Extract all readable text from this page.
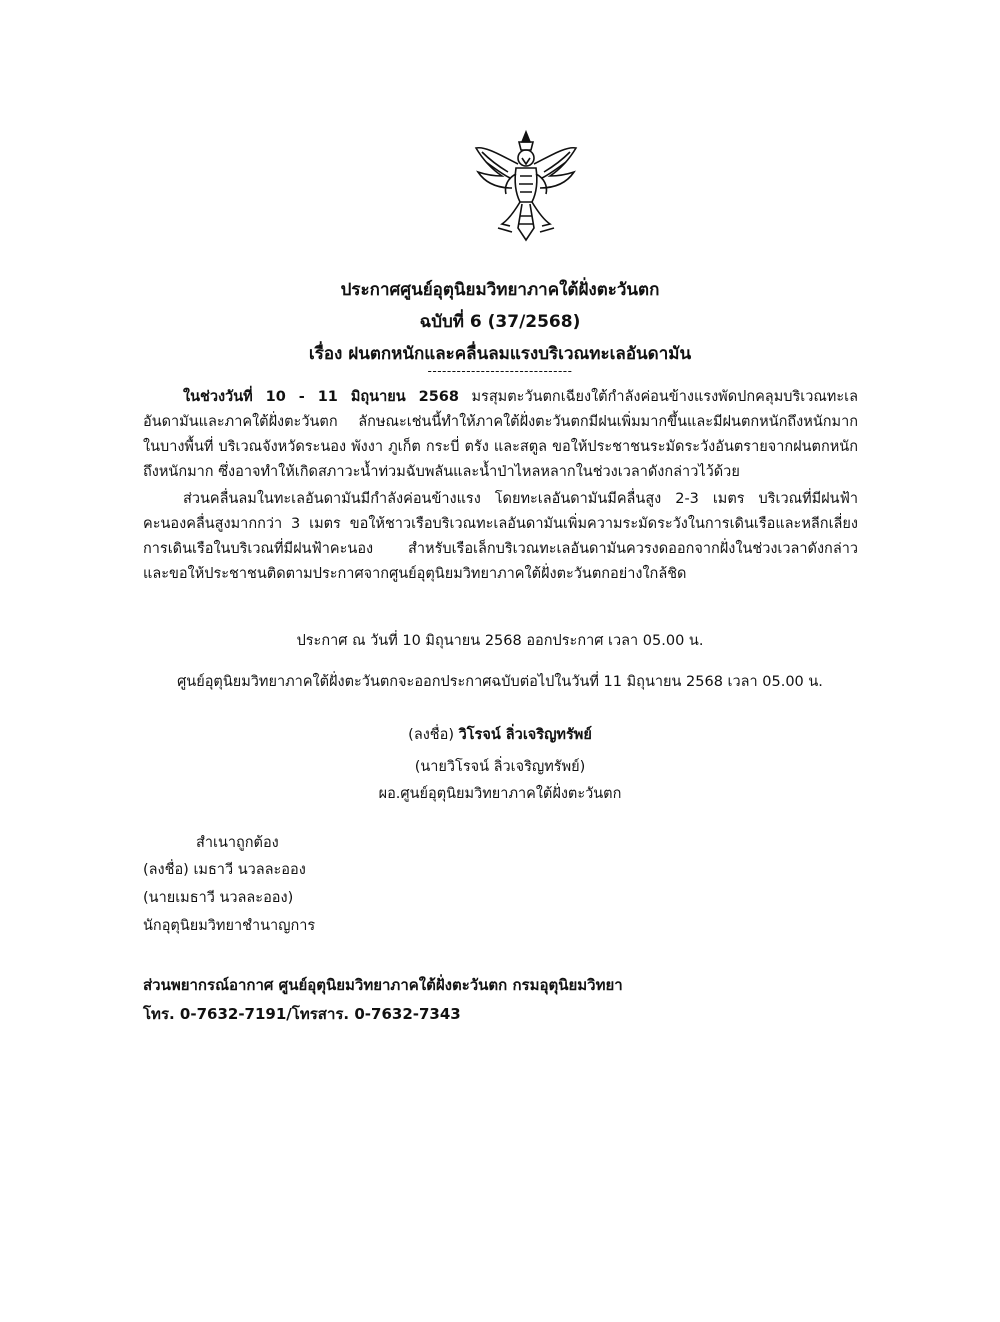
ประกาศศูนย์อุตุนิยมวิทยาภาคใต้ฝั่งตะวันตก
ฉบับที่ 6 (37/2568)
เรื่อง ฝนตกหนักและคลื่นลมแรงบริเวณทะเลอันดามัน
------------------------------

ในช่วงวันที่ 10 - 11 มิถุนายน 2568 มรสุมตะวันตกเฉียงใต้กำลังค่อนข้างแรงพัดปกคลุมบริเวณทะเลอันดามันและภาคใต้ฝั่งตะวันตก ลักษณะเช่นนี้ทำให้ภาคใต้ฝั่งตะวันตกมีฝนเพิ่มมากขึ้นและมีฝนตกหนักถึงหนักมากในบางพื้นที่ บริเวณจังหวัดระนอง พังงา ภูเก็ต กระบี่ ตรัง และสตูล ขอให้ประชาชนระมัดระวังอันตรายจากฝนตกหนักถึงหนักมาก ซึ่งอาจทำให้เกิดสภาวะน้ำท่วมฉับพลันและน้ำป่าไหลหลากในช่วงเวลาดังกล่าวไว้ด้วย

ส่วนคลื่นลมในทะเลอันดามันมีกำลังค่อนข้างแรง โดยทะเลอันดามันมีคลื่นสูง 2-3 เมตร บริเวณที่มีฝนฟ้าคะนองคลื่นสูงมากกว่า 3 เมตร ขอให้ชาวเรือบริเวณทะเลอันดามันเพิ่มความระมัดระวังในการเดินเรือและหลีกเลี่ยงการเดินเรือในบริเวณที่มีฝนฟ้าคะนอง สำหรับเรือเล็กบริเวณทะเลอันดามันควรงดออกจากฝั่งในช่วงเวลาดังกล่าว และขอให้ประชาชนติดตามประกาศจากศูนย์อุตุนิยมวิทยาภาคใต้ฝั่งตะวันตกอย่างใกล้ชิด

ประกาศ ณ วันที่ 10 มิถุนายน 2568 ออกประกาศ เวลา 05.00 น.
ศูนย์อุตุนิยมวิทยาภาคใต้ฝั่งตะวันตกจะออกประกาศฉบับต่อไปในวันที่ 11 มิถุนายน 2568 เวลา 05.00 น.
(ลงชื่อ) วิโรจน์ ลิ่วเจริญทรัพย์
(นายวิโรจน์ ลิ่วเจริญทรัพย์)
ผอ.ศูนย์อุตุนิยมวิทยาภาคใต้ฝั่งตะวันตก
สำเนาถูกต้อง
(ลงชื่อ) เมธาวี นวลละออง
(นายเมธาวี นวลละออง)
นักอุตุนิยมวิทยาชำนาญการ
ส่วนพยากรณ์อากาศ ศูนย์อุตุนิยมวิทยาภาคใต้ฝั่งตะวันตก กรมอุตุนิยมวิทยา
โทร. 0-7632-7191/โทรสาร. 0-7632-7343
